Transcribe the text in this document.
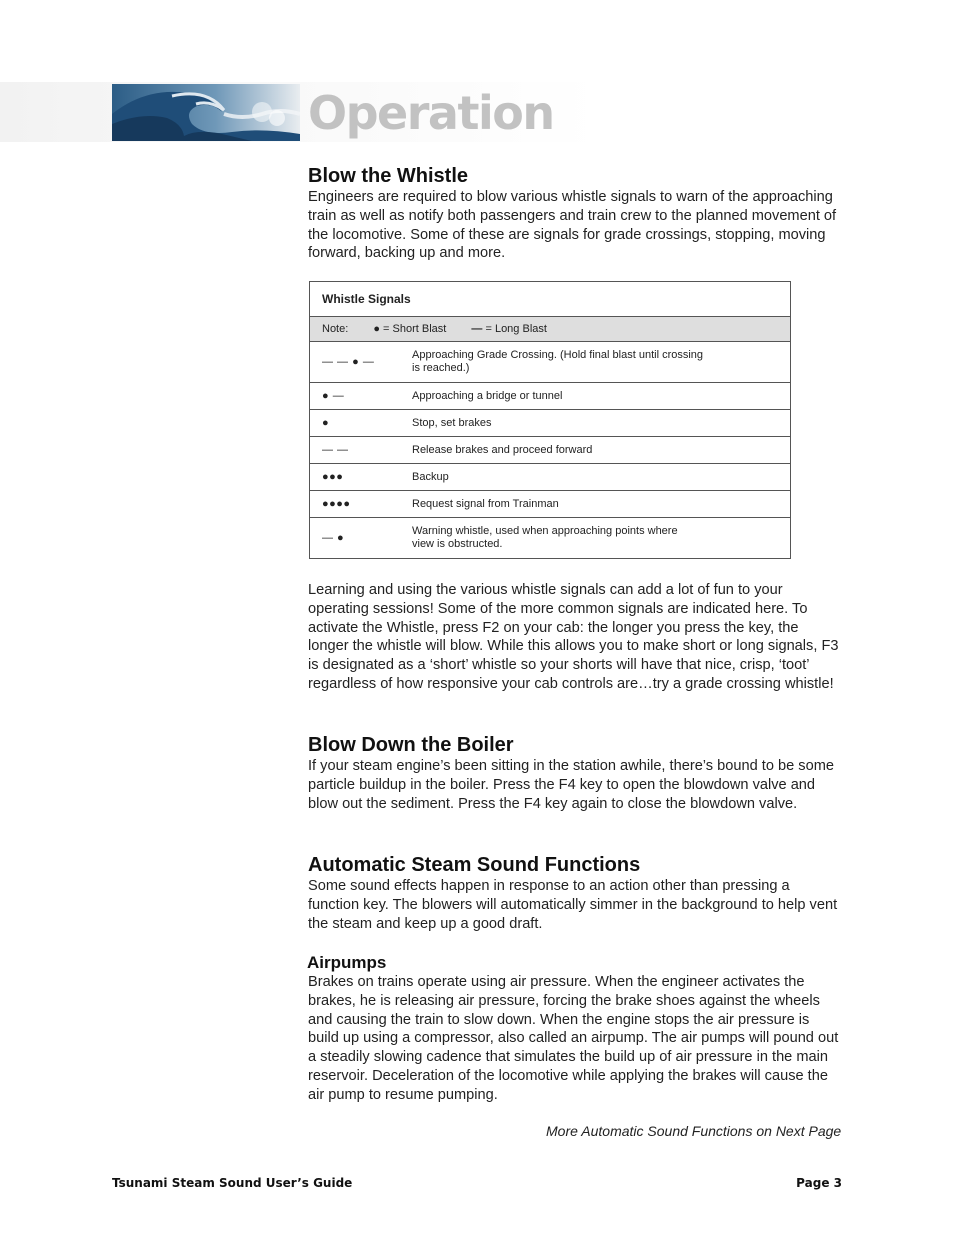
Operation
Blow the Whistle

Engineers are required to blow various whistle signals to warn of the approaching train as well as notify both passengers and train crew to the planned movement of the locomotive. Some of these are signals for grade crossings, stopping, moving forward, backing up and more.

Whistle Signals	
Note: ● = Short Blast — = Long Blast	
— — ● —	Approaching Grade Crossing. (Hold final blast until crossing
is reached.)
● —	Approaching a bridge or tunnel
●	Stop, set brakes
— —	Release brakes and proceed forward
●●●	Backup
●●●●	Request signal from Trainman
— ●	Warning whistle, used when approaching points where
view is obstructed.

Learning and using the various whistle signals can add a lot of fun to your operating sessions! Some of the more common signals are indicated here. To activate the Whistle, press F2 on your cab: the longer you press the key, the longer the whistle will blow. While this allows you to make short or long signals, F3 is designated as a ‘short’ whistle so your shorts will have that nice, crisp, ‘toot’ regardless of how responsive your cab controls are…try a grade crossing whistle!

Blow Down the Boiler

If your steam engine’s been sitting in the station awhile, there’s bound to be some particle buildup in the boiler. Press the F4 key to open the blowdown valve and blow out the sediment. Press the F4 key again to close the blowdown valve.

Automatic Steam Sound Functions

Some sound effects happen in response to an action other than pressing a function key. The blowers will automatically simmer in the background to help vent the steam and keep up a good draft.

Airpumps

Brakes on trains operate using air pressure. When the engineer activates the brakes, he is releasing air pressure, forcing the brake shoes against the wheels and causing the train to slow down. When the engine stops the air pressure is build up using a compressor, also called an airpump. The air pumps will pound out a steadily slowing cadence that simulates the build up of air pressure in the main reservoir. Deceleration of the locomotive while applying the brakes will cause the air pump to resume pumping.

More Automatic Sound Functions on Next Page
Tsunami Steam Sound User’s Guide	Page 3
